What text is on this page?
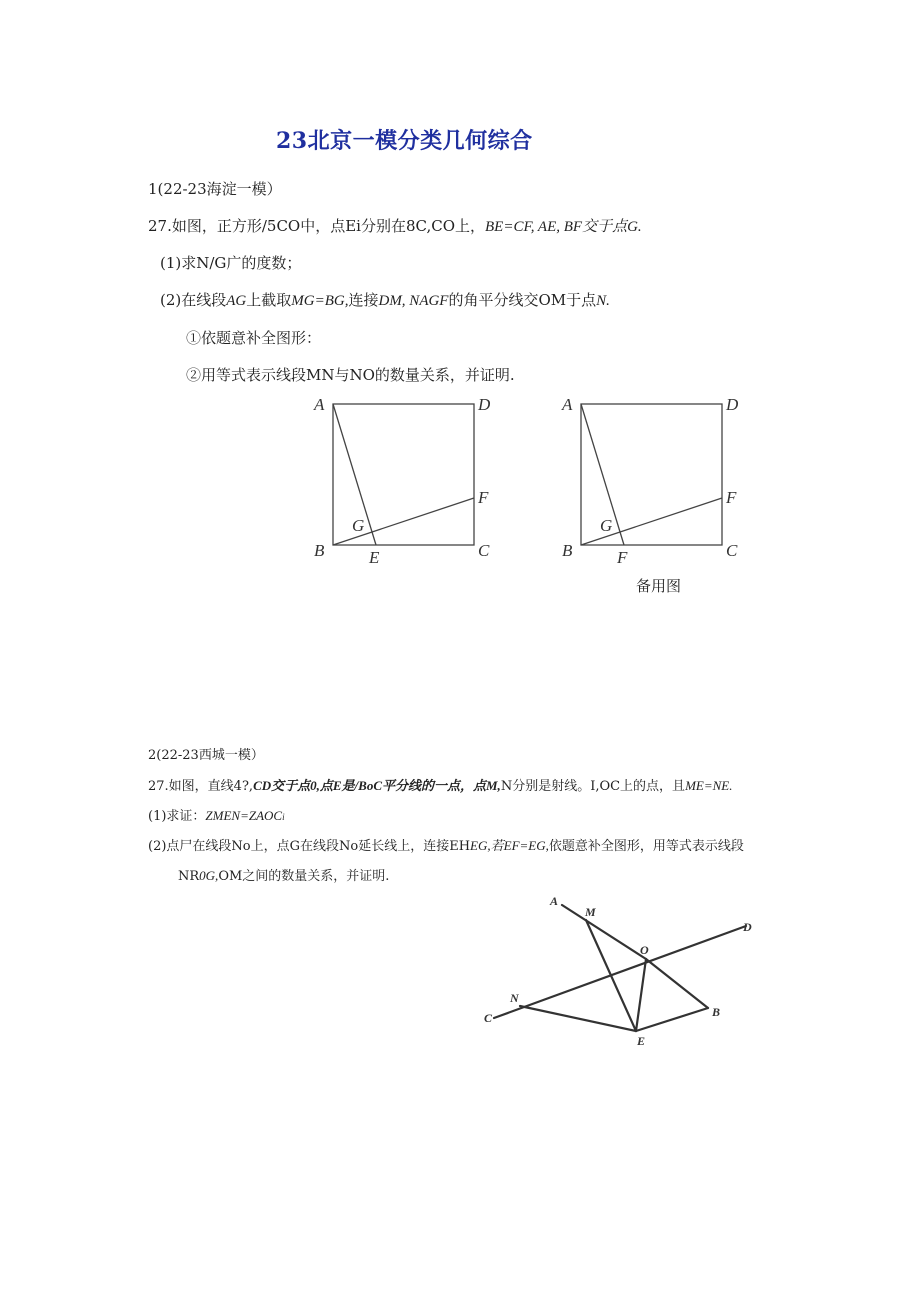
23北京一模分类几何综合
1(22-23海淀一模）
27.如图，正方形/5CO中，点Ei分别在8C,CO上，BE=CF, AE, BF交于点G.
(1)求N/G广的度数；
(2)在线段AG上截取MG=BG,连接DM, NAGF的角平分线交OM于点N.
①依题意补全图形：
②用等式表示线段MN与NO的数量关系，并证明.
A	D
F
G
B	E	C
A	D
F
G
B	F	C
备用图
2(22-23西城一模）
27.如图，直线4?,CD交于点0,点E是/BoC平分线的一点，点M,N分别是射线。I,OC上的点，且ME=NE.
(1)求证：ZMEN=ZAOCi
(2)点尸在线段No上，点G在线段No延长线上，连接EHEG,若EF=EG,依题意补全图形，用等式表示线段
NR0G,OM之间的数量关系，并证明.
A
M
O
D
N
C	B
E
